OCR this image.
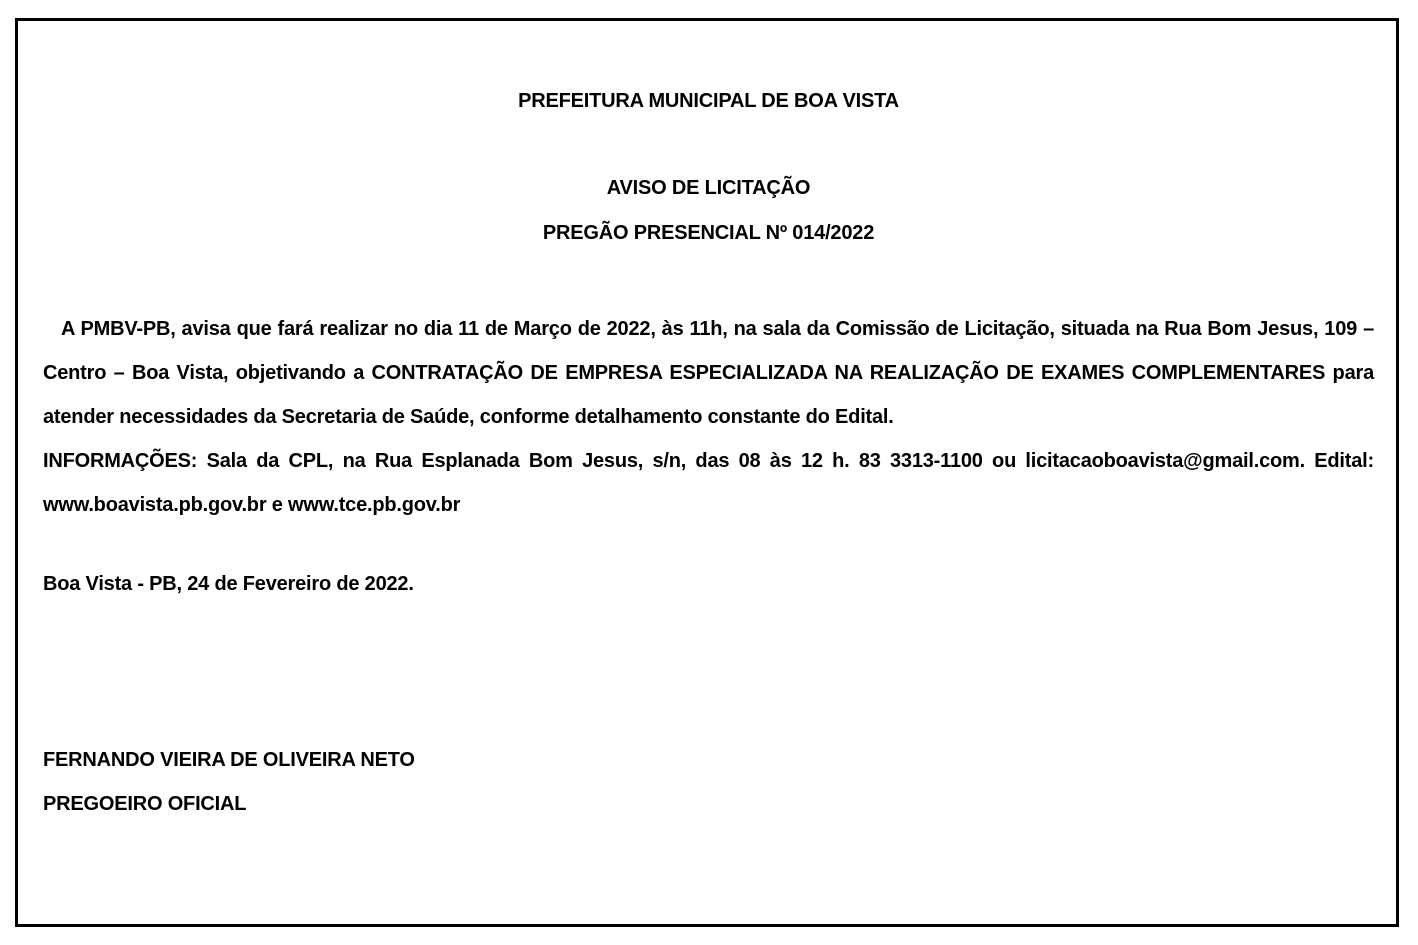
PREFEITURA MUNICIPAL DE BOA VISTA
AVISO DE LICITAÇÃO
PREGÃO PRESENCIAL Nº 014/2022

A PMBV-PB, avisa que fará realizar no dia 11 de Março de 2022, às 11h, na sala da Comissão de Licitação, situada na Rua Bom Jesus, 109 – Centro – Boa Vista, objetivando a CONTRATAÇÃO DE EMPRESA ESPECIALIZADA NA REALIZAÇÃO DE EXAMES COMPLEMENTARES para atender necessidades da Secretaria de Saúde, conforme detalhamento constante do Edital.

INFORMAÇÕES: Sala da CPL, na Rua Esplanada Bom Jesus, s/n, das 08 às 12 h. 83 3313-1100 ou licitacaoboavista@gmail.com. Edital: www.boavista.pb.gov.br e www.tce.pb.gov.br

Boa Vista - PB, 24 de Fevereiro de 2022.
FERNANDO VIEIRA DE OLIVEIRA NETO
PREGOEIRO OFICIAL
